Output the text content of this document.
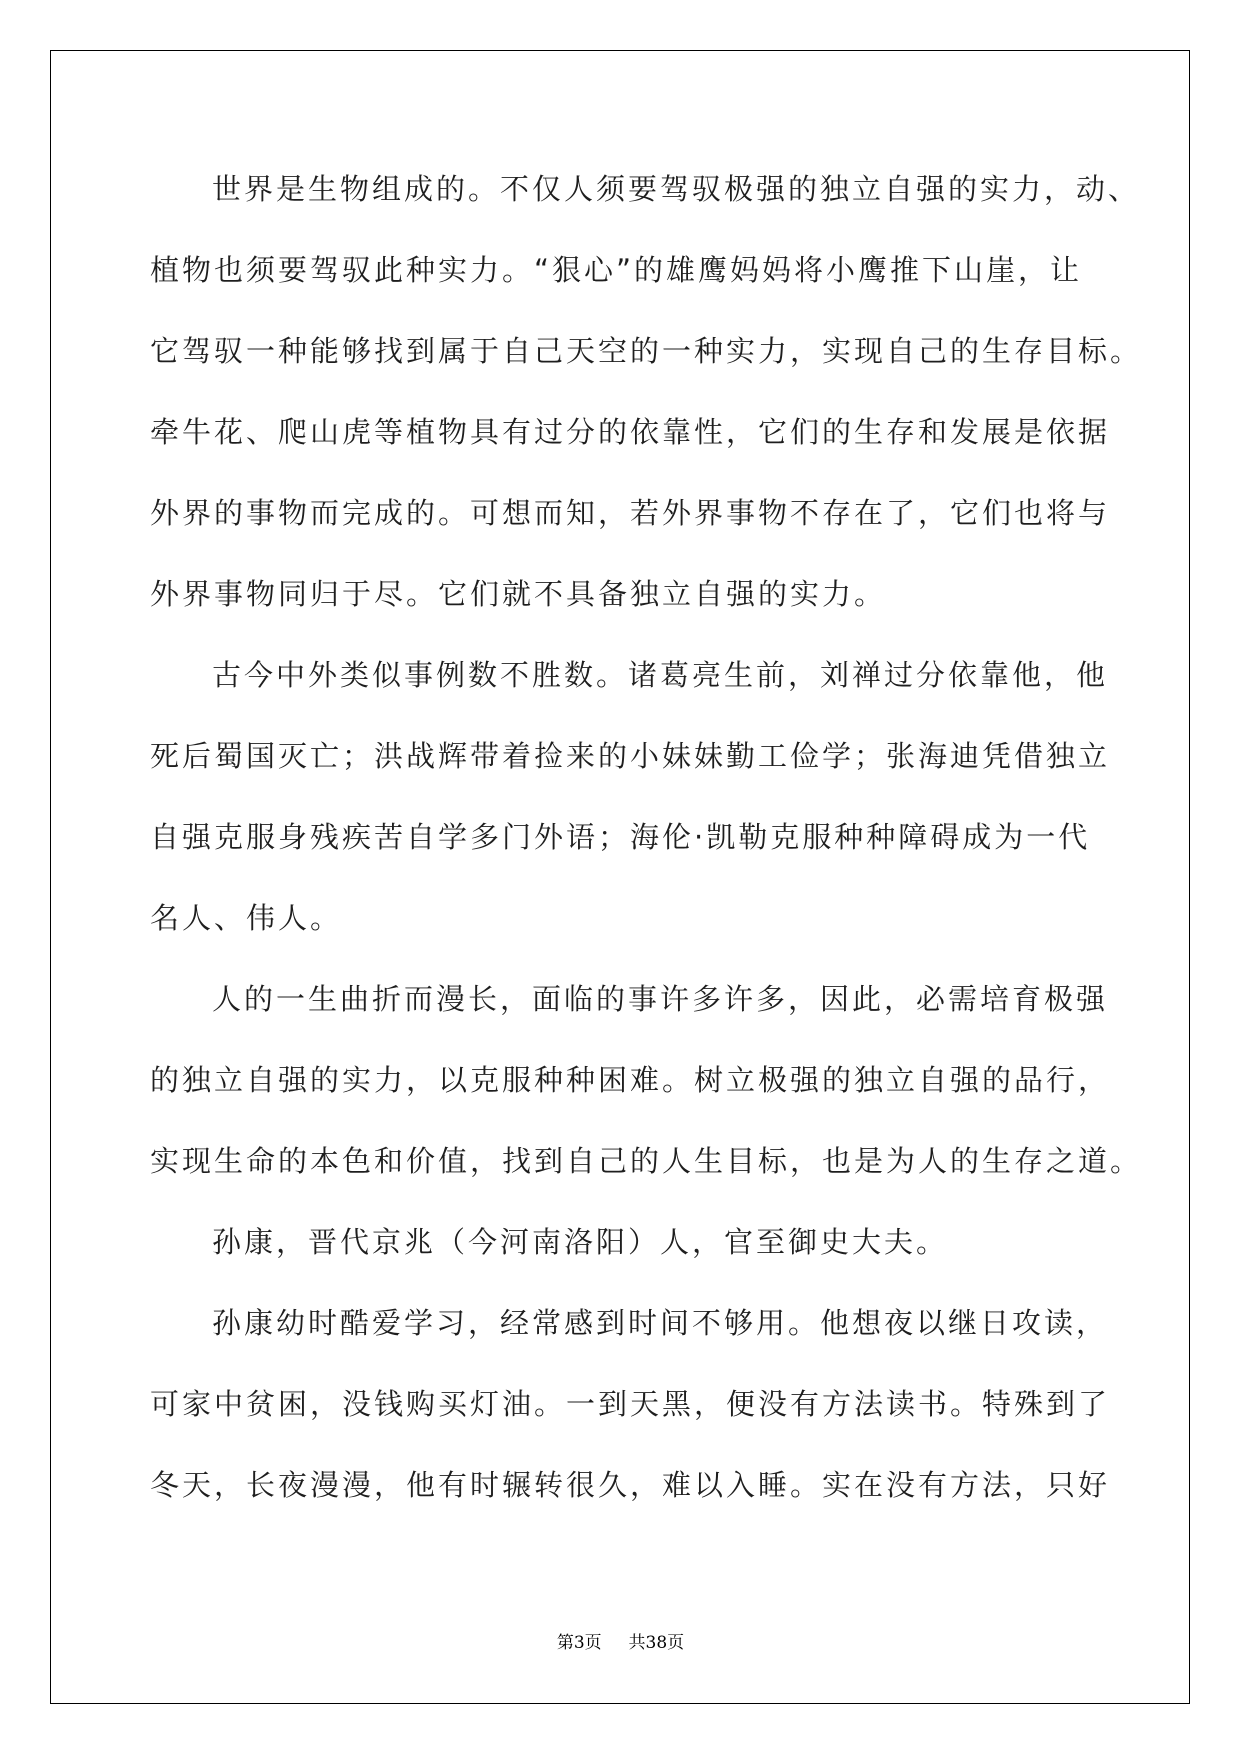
世界是生物组成的。不仅人须要驾驭极强的独立自强的实力，动、
植物也须要驾驭此种实力。“狠心”的雄鹰妈妈将小鹰推下山崖，让
它驾驭一种能够找到属于自己天空的一种实力，实现自己的生存目标。
牵牛花、爬山虎等植物具有过分的依靠性，它们的生存和发展是依据
外界的事物而完成的。可想而知，若外界事物不存在了，它们也将与
外界事物同归于尽。它们就不具备独立自强的实力。
古今中外类似事例数不胜数。诸葛亮生前，刘禅过分依靠他，他
死后蜀国灭亡；洪战辉带着捡来的小妹妹勤工俭学；张海迪凭借独立
自强克服身残疾苦自学多门外语；海伦·凯勒克服种种障碍成为一代
名人、伟人。
人的一生曲折而漫长，面临的事许多许多，因此，必需培育极强
的独立自强的实力，以克服种种困难。树立极强的独立自强的品行，
实现生命的本色和价值，找到自己的人生目标，也是为人的生存之道。
孙康，晋代京兆（今河南洛阳）人，官至御史大夫。
孙康幼时酷爱学习，经常感到时间不够用。他想夜以继日攻读，
可家中贫困，没钱购买灯油。一到天黑，便没有方法读书。特殊到了
冬天，长夜漫漫，他有时辗转很久，难以入睡。实在没有方法，只好
第3页 共38页
